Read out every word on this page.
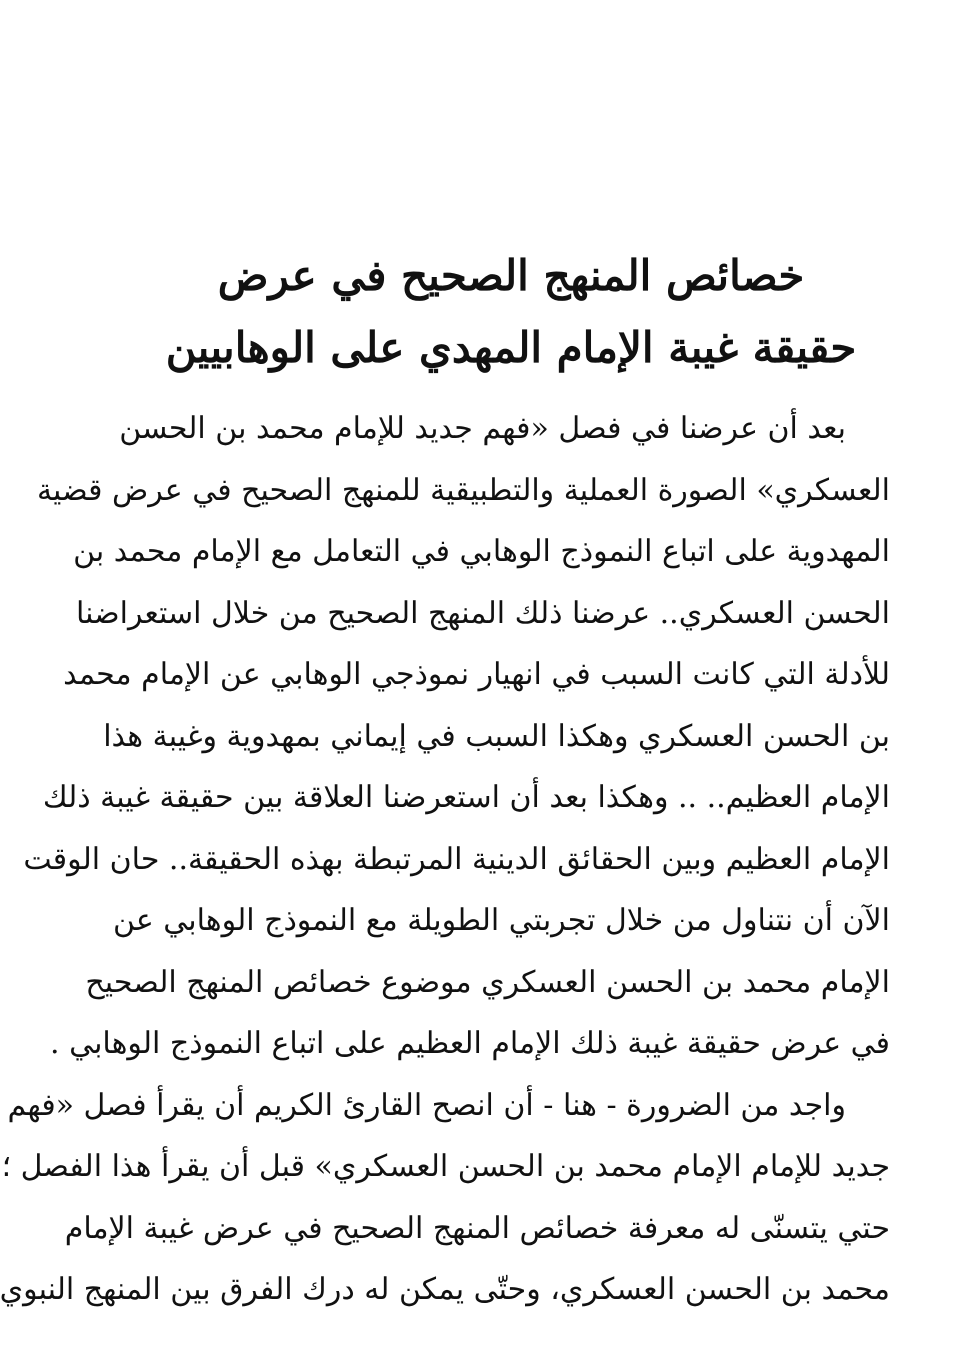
خصائص المنهج الصحيح في عرض
حقيقة غيبة الإمام المهدي على الوهابيين
بعد أن عرضنا في فصل «فهم جديد للإمام محمد بن الحسن
العسكري» الصورة العملية والتطبيقية للمنهج الصحيح في عرض قضية
المهدوية على اتباع النموذج الوهابي في التعامل مع الإمام محمد بن
الحسن العسكري.. عرضنا ذلك المنهج الصحيح من خلال استعراضنا
للأدلة التي كانت السبب في انهيار نموذجي الوهابي عن الإمام محمد
بن الحسن العسكري وهكذا السبب في إيماني بمهدوية وغيبة هذا
الإمام العظيم.. .. وهكذا بعد أن استعرضنا العلاقة بين حقيقة غيبة ذلك
الإمام العظيم وبين الحقائق الدينية المرتبطة بهذه الحقيقة.. حان الوقت
الآن أن نتناول من خلال تجربتي الطويلة مع النموذج الوهابي عن
الإمام محمد بن الحسن العسكري موضوع خصائص المنهج الصحيح
في عرض حقيقة غيبة ذلك الإمام العظيم على اتباع النموذج الوهابي .
واجد من الضرورة - هنا - أن انصح القارئ الكريم أن يقرأ فصل «فهم
جديد للإمام الإمام محمد بن الحسن العسكري» قبل أن يقرأ هذا الفصل ؛
حتي يتسنّى له معرفة خصائص المنهج الصحيح في عرض غيبة الإمام
محمد بن الحسن العسكري، وحتّى يمكن له درك الفرق بين المنهج النبوي
